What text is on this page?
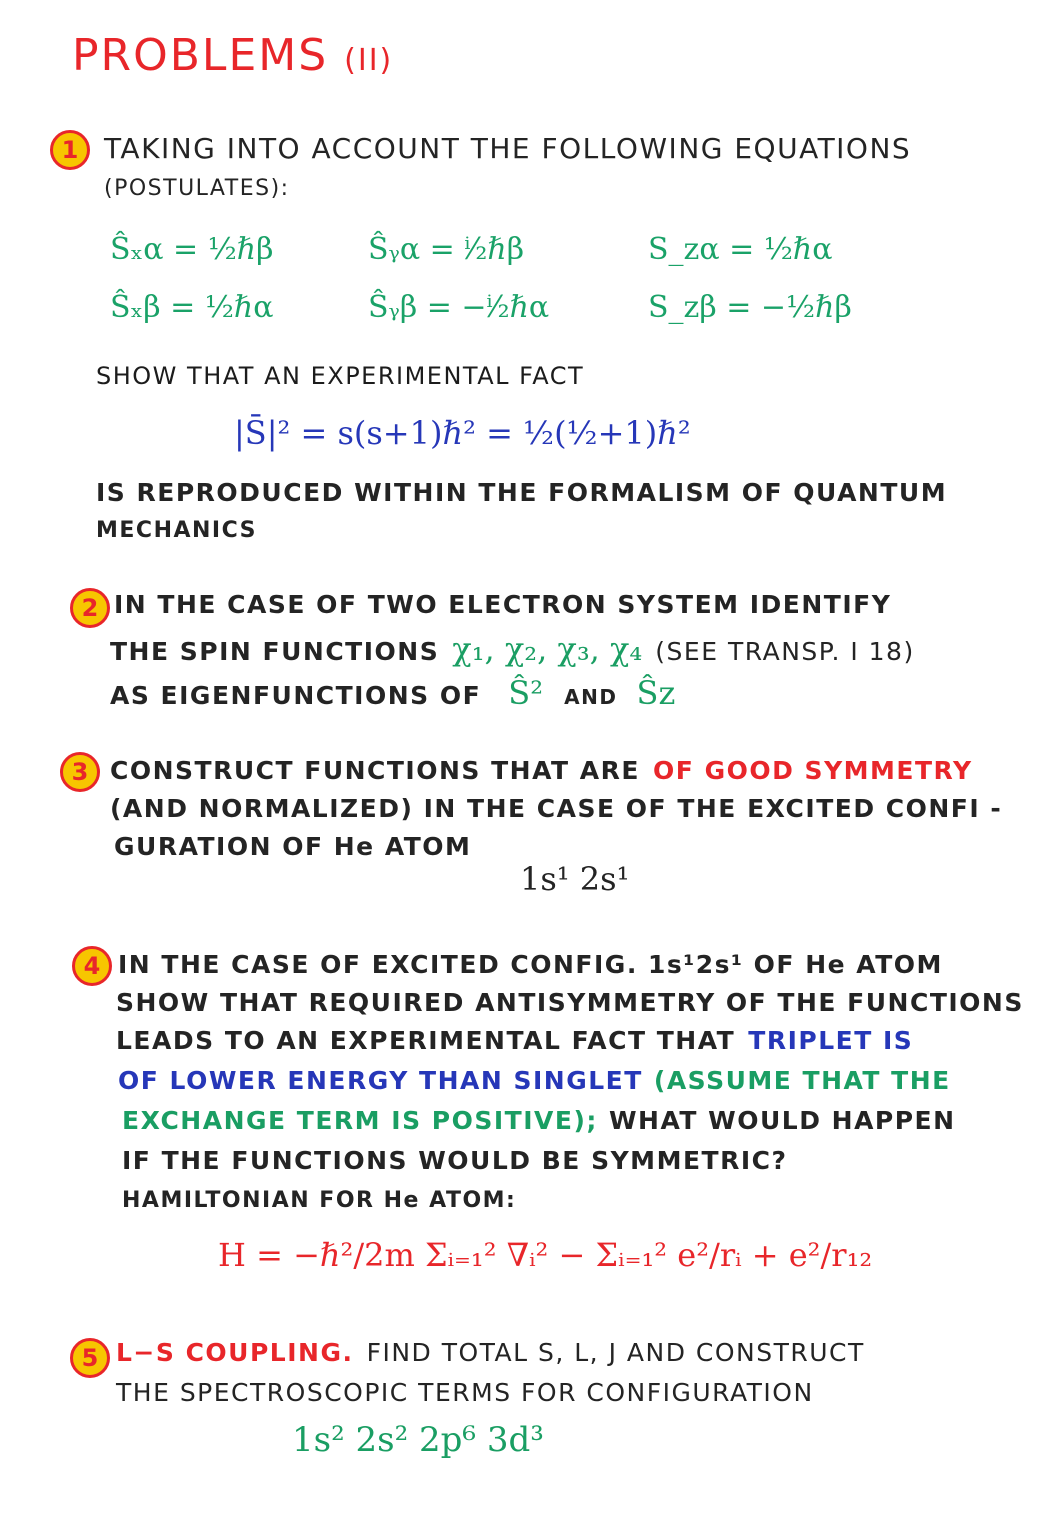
PROBLEMS (II)
1 TAKING INTO ACCOUNT THE FOLLOWING EQUATIONS
(POSTULATES):
Ŝₓα = ½ℏβ	Ŝᵧα = ⁱ⁄₂ℏβ	S_zα = ½ℏα
Ŝₓβ = ½ℏα	Ŝᵧβ = −ⁱ⁄₂ℏα	S_zβ = −½ℏβ
SHOW THAT AN EXPERIMENTAL FACT
|S̄|² = s(s+1)ℏ² = ½(½+1)ℏ²
IS REPRODUCED WITHIN THE FORMALISM OF QUANTUM
MECHANICS
2 IN THE CASE OF TWO ELECTRON SYSTEM IDENTIFY
THE SPIN FUNCTIONS χ₁, χ₂, χ₃, χ₄ (SEE TRANSP. I 18)
AS EIGENFUNCTIONS OF Ŝ² AND Ŝz
3 CONSTRUCT FUNCTIONS THAT ARE OF GOOD SYMMETRY
(AND NORMALIZED) IN THE CASE OF THE EXCITED CONFI -
GURATION OF He ATOM
1s¹ 2s¹
4 IN THE CASE OF EXCITED CONFIG. 1s¹2s¹ OF He ATOM
SHOW THAT REQUIRED ANTISYMMETRY OF THE FUNCTIONS
LEADS TO AN EXPERIMENTAL FACT THAT TRIPLET IS
OF LOWER ENERGY THAN SINGLET (ASSUME THAT THE
EXCHANGE TERM IS POSITIVE); WHAT WOULD HAPPEN
IF THE FUNCTIONS WOULD BE SYMMETRIC?
HAMILTONIAN FOR He ATOM:
H = −ℏ²/2m Σᵢ₌₁² ∇ᵢ² − Σᵢ₌₁² e²/rᵢ + e²/r₁₂
5 L−S COUPLING. FIND TOTAL S, L, J AND CONSTRUCT
THE SPECTROSCOPIC TERMS FOR CONFIGURATION
1s² 2s² 2p⁶ 3d³
